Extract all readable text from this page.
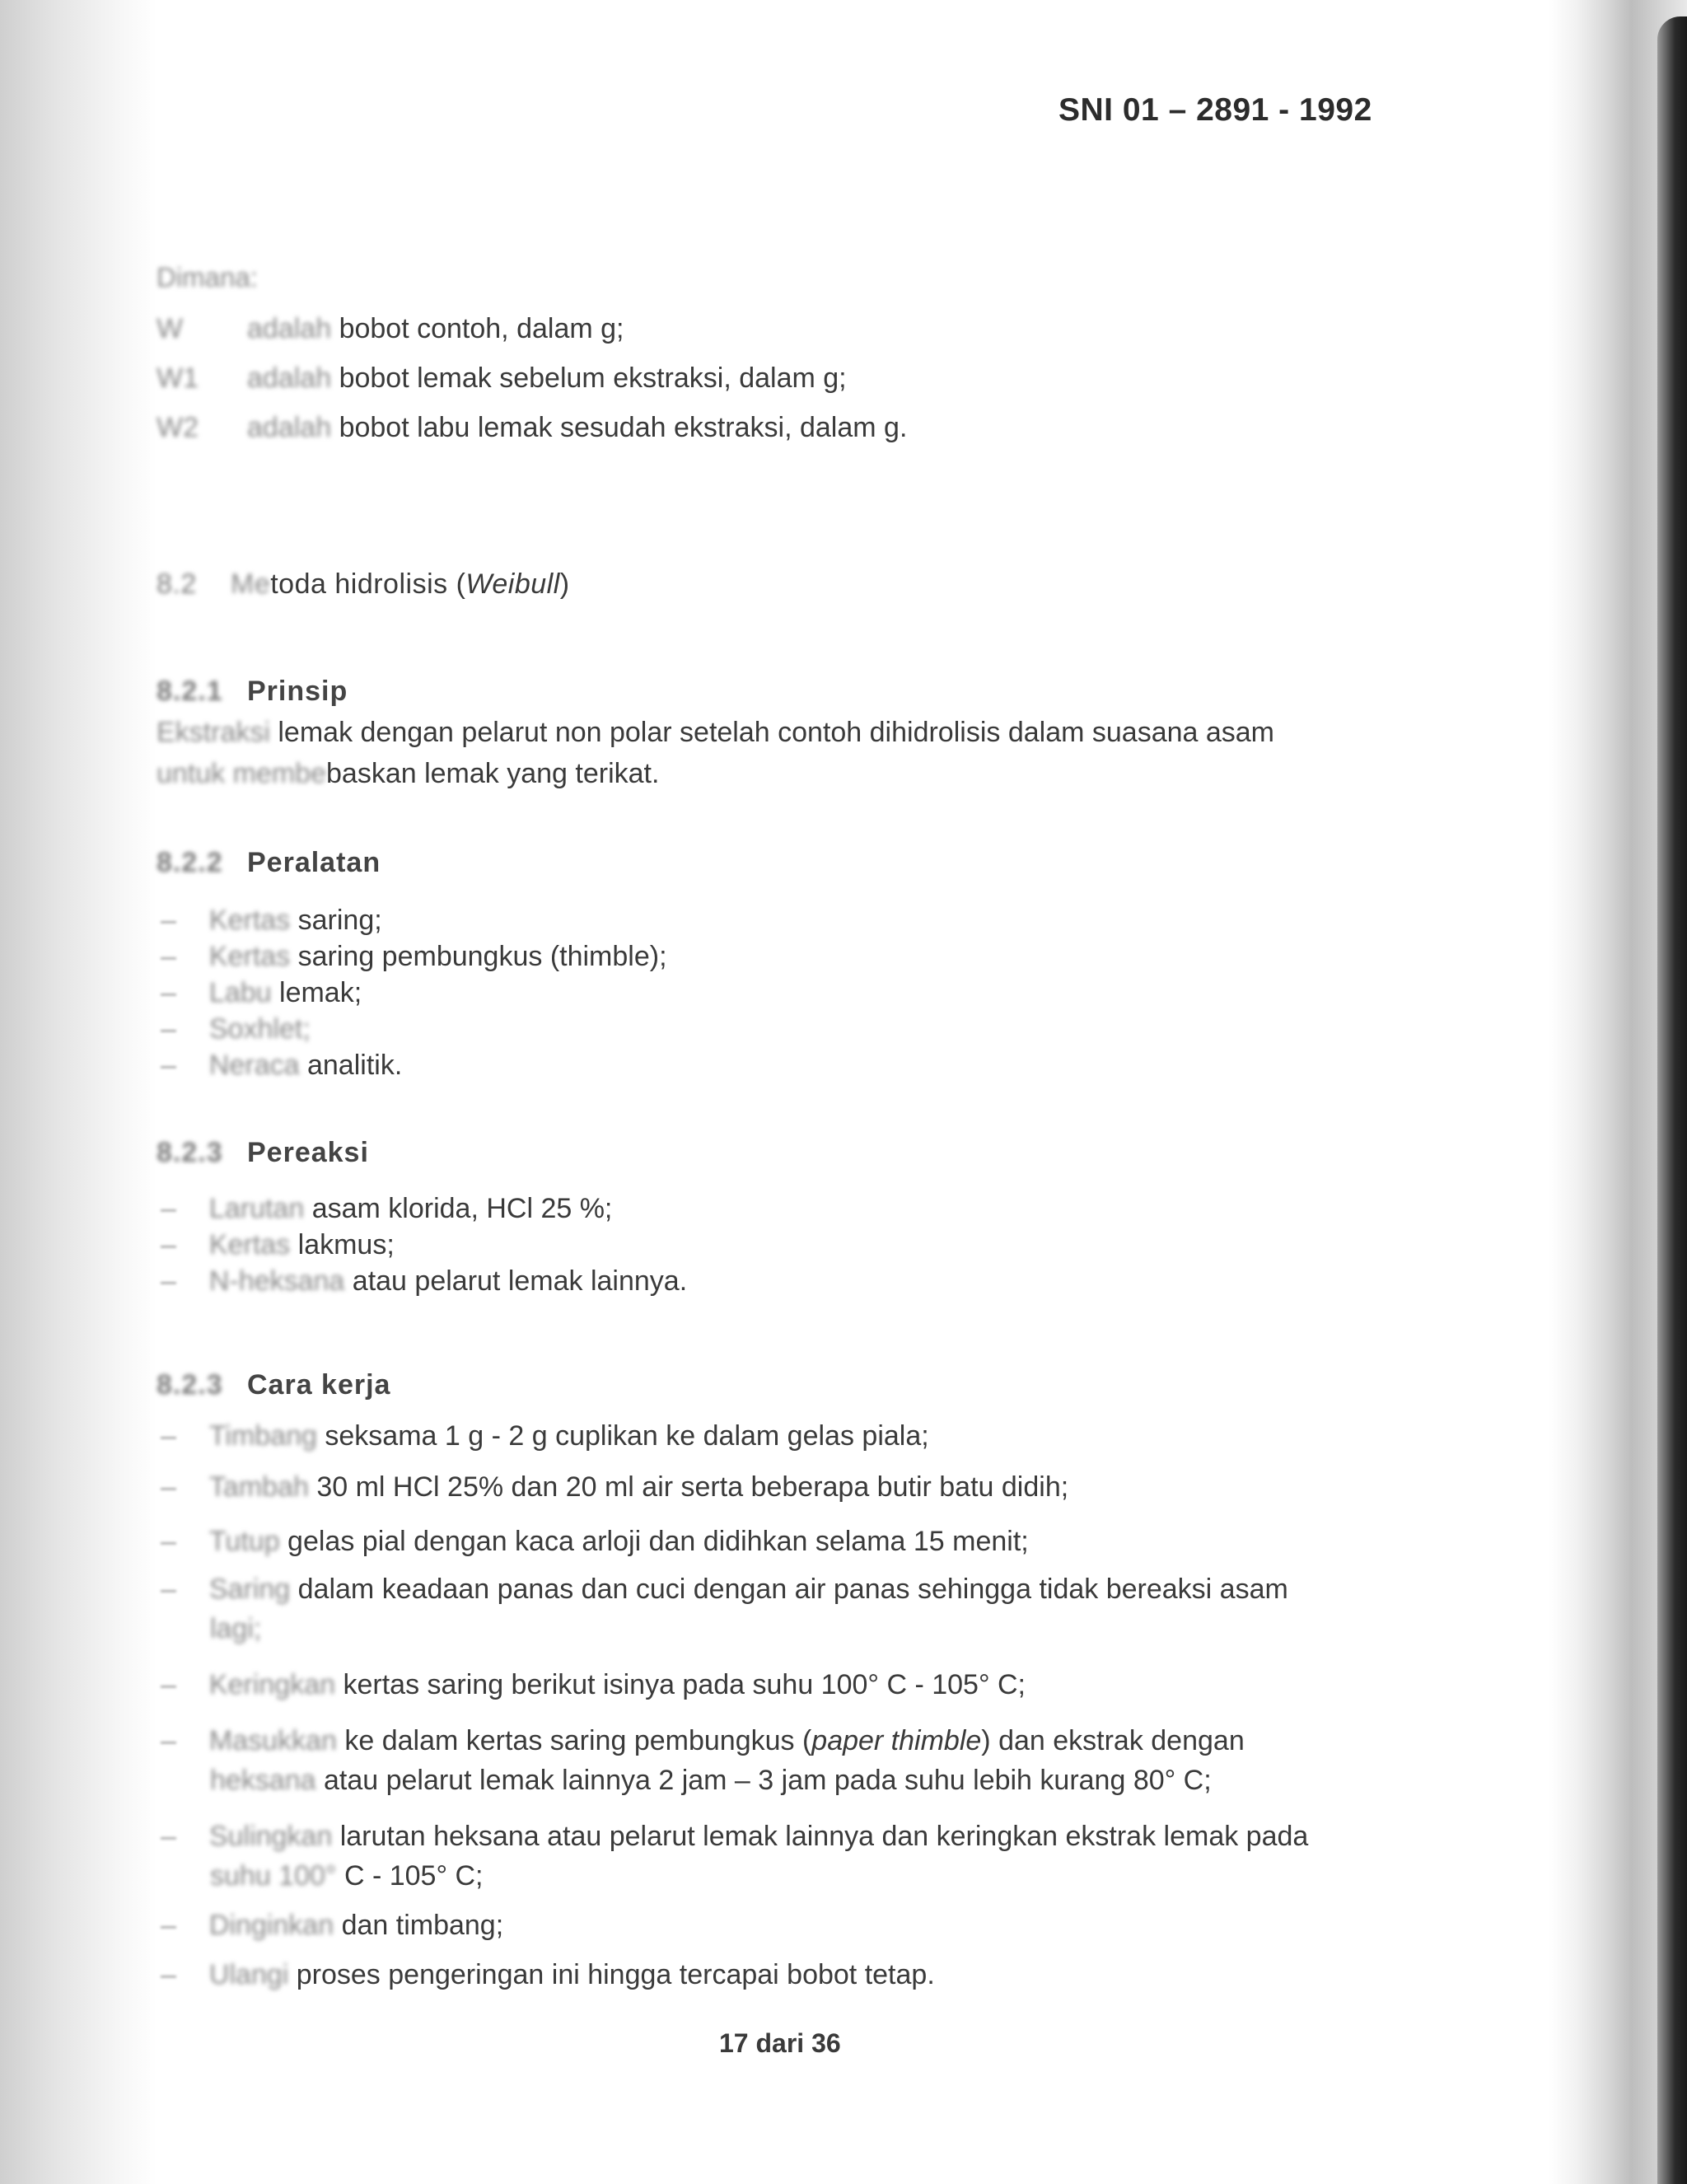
SNI 01 – 2891 - 1992
Dimana:
W adalah bobot contoh, dalam g;
W1 adalah bobot lemak sebelum ekstraksi, dalam g;
W2 adalah bobot labu lemak sesudah ekstraksi, dalam g.
8.2 Metoda hidrolisis (Weibull)
8.2.1 Prinsip
Ekstraksi lemak dengan pelarut non polar setelah contoh dihidrolisis dalam suasana asam
untuk membebaskan lemak yang terikat.
8.2.2 Peralatan
– Kertas saring;
– Kertas saring pembungkus (thimble);
– Labu lemak;
– Soxhlet;
– Neraca analitik.
8.2.3 Pereaksi
– Larutan asam klorida, HCl 25 %;
– Kertas lakmus;
– N-heksana atau pelarut lemak lainnya.
8.2.3 Cara kerja
– Timbang seksama 1 g - 2 g cuplikan ke dalam gelas piala;
– Tambah 30 ml HCl 25% dan 20 ml air serta beberapa butir batu didih;
– Tutup gelas pial dengan kaca arloji dan didihkan selama 15 menit;
– Saring dalam keadaan panas dan cuci dengan air panas sehingga tidak bereaksi asam
lagi;
– Keringkan kertas saring berikut isinya pada suhu 100° C - 105° C;
– Masukkan ke dalam kertas saring pembungkus (paper thimble) dan ekstrak dengan
heksana atau pelarut lemak lainnya 2 jam – 3 jam pada suhu lebih kurang 80° C;
– Sulingkan larutan heksana atau pelarut lemak lainnya dan keringkan ekstrak lemak pada
suhu 100° C - 105° C;
– Dinginkan dan timbang;
– Ulangi proses pengeringan ini hingga tercapai bobot tetap.
17 dari 36
